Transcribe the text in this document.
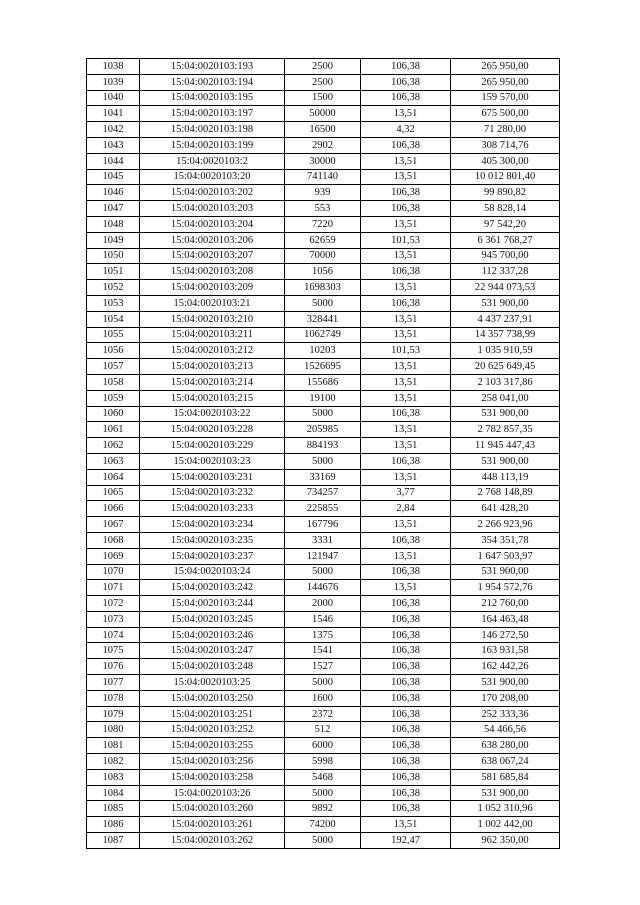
1038	15:04:0020103:193	2500	106,38	265 950,00
1039	15:04:0020103:194	2500	106,38	265 950,00
1040	15:04:0020103:195	1500	106,38	159 570,00
1041	15:04:0020103:197	50000	13,51	675 500,00
1042	15:04:0020103:198	16500	4,32	71 280,00
1043	15:04:0020103:199	2902	106,38	308 714,76
1044	15:04:0020103:2	30000	13,51	405 300,00
1045	15:04:0020103:20	741140	13,51	10 012 801,40
1046	15:04:0020103:202	939	106,38	99 890,82
1047	15:04:0020103:203	553	106,38	58 828,14
1048	15:04:0020103:204	7220	13,51	97 542,20
1049	15:04:0020103:206	62659	101,53	6 361 768,27
1050	15:04:0020103:207	70000	13,51	945 700,00
1051	15:04:0020103:208	1056	106,38	112 337,28
1052	15:04:0020103:209	1698303	13,51	22 944 073,53
1053	15:04:0020103:21	5000	106,38	531 900,00
1054	15:04:0020103:210	328441	13,51	4 437 237,91
1055	15:04:0020103:211	1062749	13,51	14 357 738,99
1056	15:04:0020103:212	10203	101,53	1 035 910,59
1057	15:04:0020103:213	1526695	13,51	20 625 649,45
1058	15:04:0020103:214	155686	13,51	2 103 317,86
1059	15:04:0020103:215	19100	13,51	258 041,00
1060	15:04:0020103:22	5000	106,38	531 900,00
1061	15:04:0020103:228	205985	13,51	2 782 857,35
1062	15:04:0020103:229	884193	13,51	11 945 447,43
1063	15:04:0020103:23	5000	106,38	531 900,00
1064	15:04:0020103:231	33169	13,51	448 113,19
1065	15:04:0020103:232	734257	3,77	2 768 148,89
1066	15:04:0020103:233	225855	2,84	641 428,20
1067	15:04:0020103:234	167796	13,51	2 266 923,96
1068	15:04:0020103:235	3331	106,38	354 351,78
1069	15:04:0020103:237	121947	13,51	1 647 503,97
1070	15:04:0020103:24	5000	106,38	531 900,00
1071	15:04:0020103:242	144676	13,51	1 954 572,76
1072	15:04:0020103:244	2000	106,38	212 760,00
1073	15:04:0020103:245	1546	106,38	164 463,48
1074	15:04:0020103:246	1375	106,38	146 272,50
1075	15:04:0020103:247	1541	106,38	163 931,58
1076	15:04:0020103:248	1527	106,38	162 442,26
1077	15:04:0020103:25	5000	106,38	531 900,00
1078	15:04:0020103:250	1600	106,38	170 208,00
1079	15:04:0020103:251	2372	106,38	252 333,36
1080	15:04:0020103:252	512	106,38	54 466,56
1081	15:04:0020103:255	6000	106,38	638 280,00
1082	15:04:0020103:256	5998	106,38	638 067,24
1083	15:04:0020103:258	5468	106,38	581 685,84
1084	15:04:0020103:26	5000	106,38	531 900,00
1085	15:04:0020103:260	9892	106,38	1 052 310,96
1086	15:04:0020103:261	74200	13,51	1 002 442,00
1087	15:04:0020103:262	5000	192,47	962 350,00
